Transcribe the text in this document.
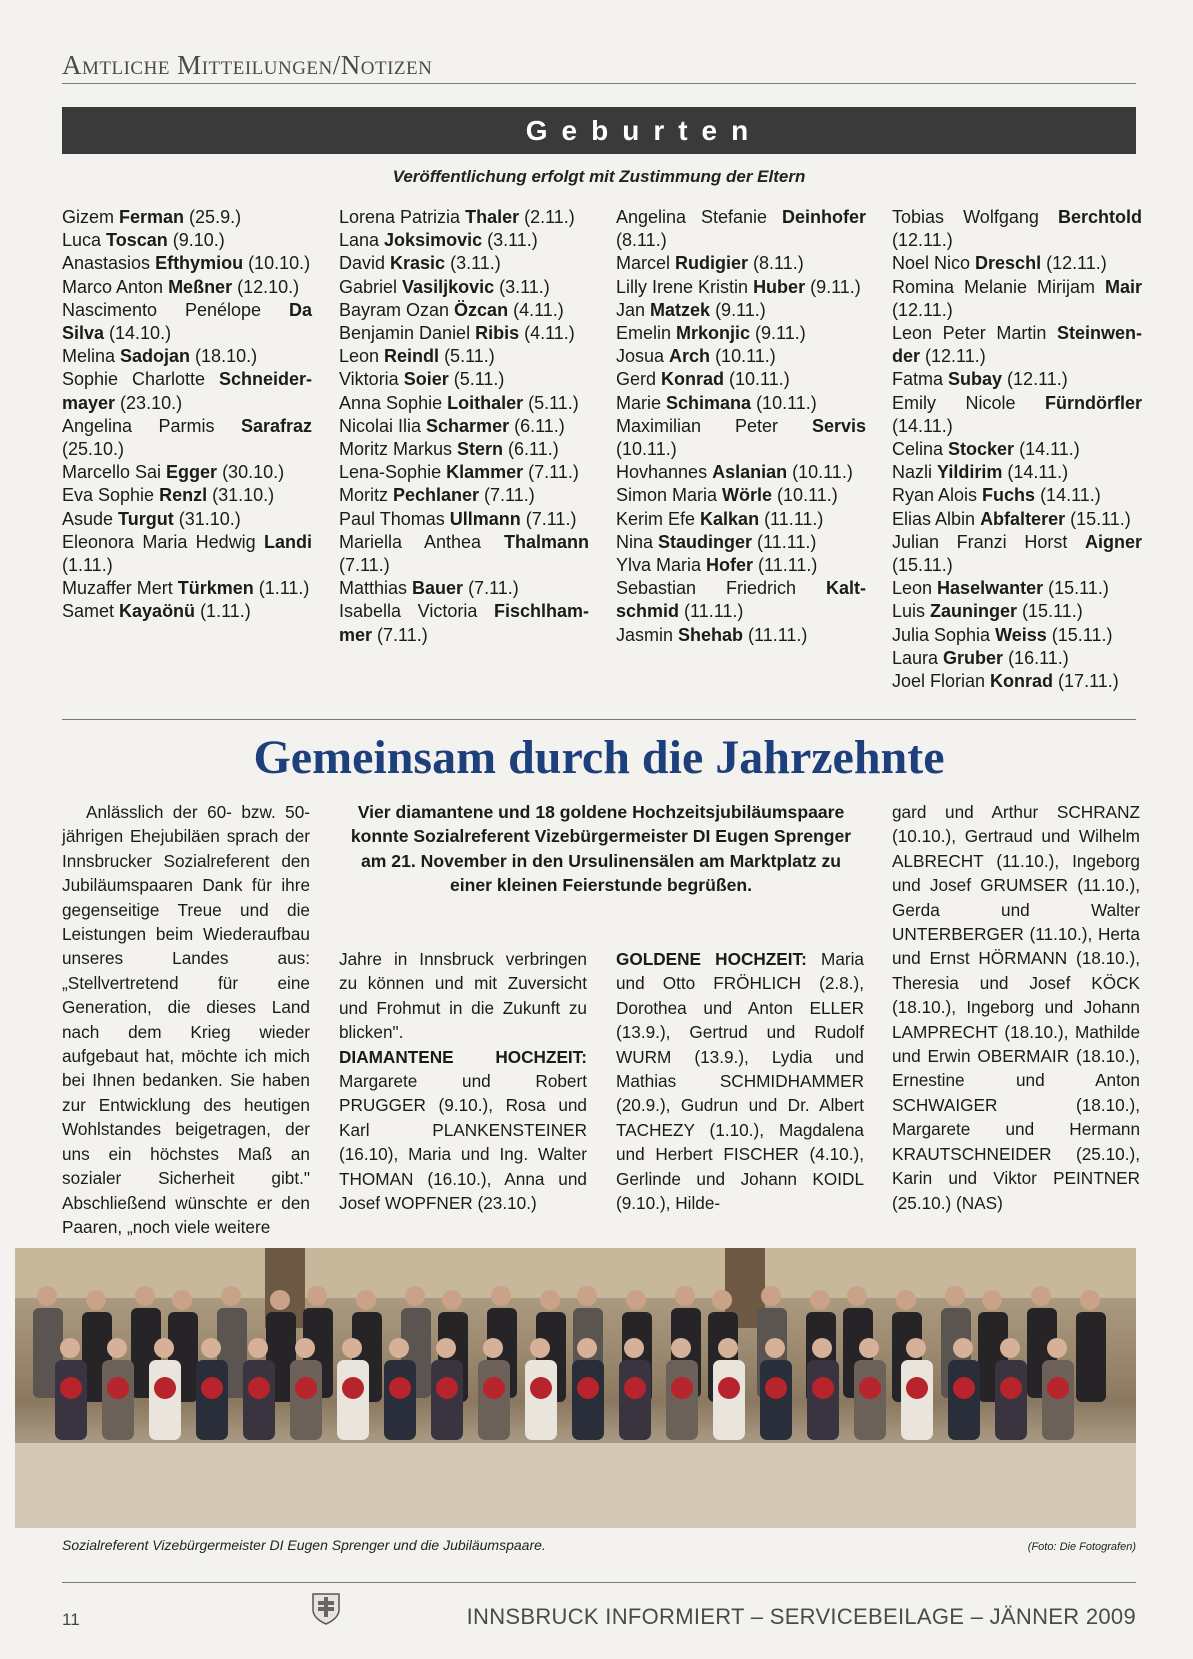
Amtliche Mitteilungen/Notizen
Geburten
Veröffentlichung erfolgt mit Zustimmung der Eltern

Gizem Ferman (25.9.)

Luca Toscan (9.10.)

Anastasios Efthymiou (10.10.)

Marco Anton Meßner (12.10.)

Nascimento Penélope Da Silva (14.10.)

Melina Sadojan (18.10.)

Sophie Charlotte Schneider-mayer (23.10.)

Angelina Parmis Sarafraz (25.10.)

Marcello Sai Egger (30.10.)

Eva Sophie Renzl (31.10.)

Asude Turgut (31.10.)

Eleonora Maria Hedwig Landi (1.11.)

Muzaffer Mert Türkmen (1.11.)

Samet Kayaönü (1.11.)

Lorena Patrizia Thaler (2.11.)

Lana Joksimovic (3.11.)

David Krasic (3.11.)

Gabriel Vasiljkovic (3.11.)

Bayram Ozan Özcan (4.11.)

Benjamin Daniel Ribis (4.11.)

Leon Reindl (5.11.)

Viktoria Soier (5.11.)

Anna Sophie Loithaler (5.11.)

Nicolai Ilia Scharmer (6.11.)

Moritz Markus Stern (6.11.)

Lena-Sophie Klammer (7.11.)

Moritz Pechlaner (7.11.)

Paul Thomas Ullmann (7.11.)

Mariella Anthea Thalmann (7.11.)

Matthias Bauer (7.11.)

Isabella Victoria Fischlham-mer (7.11.)

Angelina Stefanie Deinhofer (8.11.)

Marcel Rudigier (8.11.)

Lilly Irene Kristin Huber (9.11.)

Jan Matzek (9.11.)

Emelin Mrkonjic (9.11.)

Josua Arch (10.11.)

Gerd Konrad (10.11.)

Marie Schimana (10.11.)

Maximilian Peter Servis (10.11.)

Hovhannes Aslanian (10.11.)

Simon Maria Wörle (10.11.)

Kerim Efe Kalkan (11.11.)

Nina Staudinger (11.11.)

Ylva Maria Hofer (11.11.)

Sebastian Friedrich Kalt-schmid (11.11.)

Jasmin Shehab (11.11.)

Tobias Wolfgang Berchtold (12.11.)

Noel Nico Dreschl (12.11.)

Romina Melanie Mirijam Mair (12.11.)

Leon Peter Martin Steinwen-der (12.11.)

Fatma Subay (12.11.)

Emily Nicole Fürndörfler (14.11.)

Celina Stocker (14.11.)

Nazli Yildirim (14.11.)

Ryan Alois Fuchs (14.11.)

Elias Albin Abfalterer (15.11.)

Julian Franzi Horst Aigner (15.11.)

Leon Haselwanter (15.11.)

Luis Zauninger (15.11.)

Julia Sophia Weiss (15.11.)

Laura Gruber (16.11.)

Joel Florian Konrad (17.11.)

Gemeinsam durch die Jahrzehnte
Anlässlich der 60- bzw. 50-jährigen Ehejubiläen sprach der Innsbrucker Sozialreferent den Jubiläumspaaren Dank für ihre gegenseitige Treue und die Leistungen beim Wiederaufbau unseres Landes aus: „Stellvertretend für eine Generation, die dieses Land nach dem Krieg wieder aufgebaut hat, möchte ich mich bei Ihnen bedanken. Sie haben zur Entwicklung des heutigen Wohlstandes beigetragen, der uns ein höchstes Maß an sozialer Sicherheit gibt." Abschließend wünschte er den Paaren, „noch viele weitere
Vier diamantene und 18 goldene Hochzeitsjubiläumspaare konnte Sozialreferent Vizebürgermeister DI Eugen Sprenger am 21. November in den Ursulinensälen am Marktplatz zu einer kleinen Feierstunde begrüßen.
Jahre in Innsbruck verbringen zu können und mit Zuversicht und Frohmut in die Zukunft zu blicken".
DIAMANTENE HOCHZEIT: Margarete und Robert PRUGGER (9.10.), Rosa und Karl PLANKENSTEINER (16.10), Maria und Ing. Walter THOMAN (16.10.), Anna und Josef WOPFNER (23.10.)
GOLDENE HOCHZEIT: Maria und Otto FRÖHLICH (2.8.), Dorothea und Anton ELLER (13.9.), Gertrud und Rudolf WURM (13.9.), Lydia und Mathias SCHMIDHAMMER (20.9.), Gudrun und Dr. Albert TACHEZY (1.10.), Magdalena und Herbert FISCHER (4.10.), Gerlinde und Johann KOIDL (9.10.), Hilde-
gard und Arthur SCHRANZ (10.10.), Gertraud und Wilhelm ALBRECHT (11.10.), Ingeborg und Josef GRUMSER (11.10.), Gerda und Walter UNTERBERGER (11.10.), Herta und Ernst HÖRMANN (18.10.), Theresia und Josef KÖCK (18.10.), Ingeborg und Johann LAMPRECHT (18.10.), Mathilde und Erwin OBERMAIR (18.10.), Ernestine und Anton SCHWAIGER (18.10.), Margarete und Hermann KRAUTSCHNEIDER (25.10.), Karin und Viktor PEINTNER (25.10.) (NAS)
Sozialreferent Vizebürgermeister DI Eugen Sprenger und die Jubiläumspaare.	(Foto: Die Fotografen)
11	INNSBRUCK INFORMIERT – SERVICEBEILAGE – JÄNNER 2009
